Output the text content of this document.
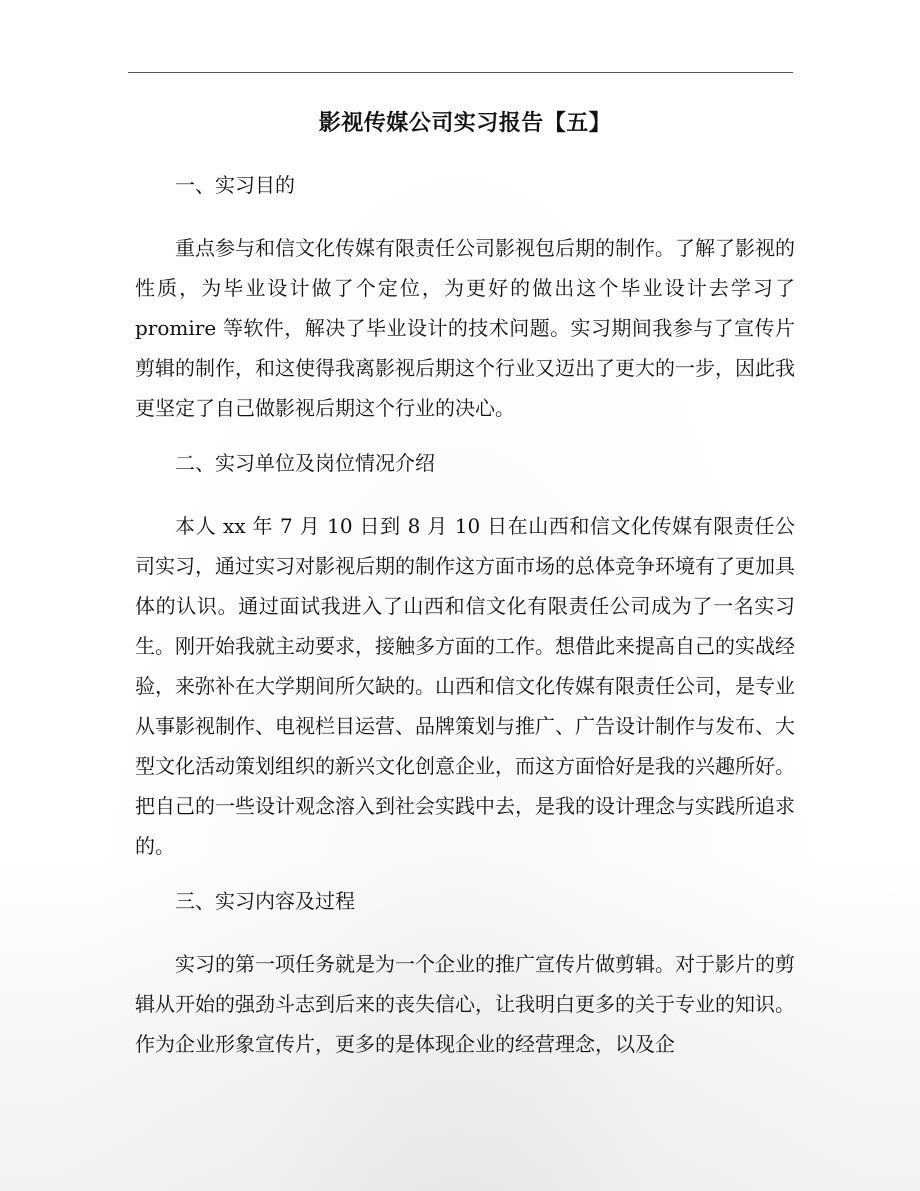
影视传媒公司实习报告【五】
一、实习目的
重点参与和信文化传媒有限责任公司影视包后期的制作。了解了影视的性质，为毕业设计做了个定位，为更好的做出这个毕业设计去学习了 promire 等软件，解决了毕业设计的技术问题。实习期间我参与了宣传片剪辑的制作，和这使得我离影视后期这个行业又迈出了更大的一步，因此我更坚定了自己做影视后期这个行业的决心。
二、实习单位及岗位情况介绍
本人 xx 年 7 月 10 日到 8 月 10 日在山西和信文化传媒有限责任公司实习，通过实习对影视后期的制作这方面市场的总体竞争环境有了更加具体的认识。通过面试我进入了山西和信文化有限责任公司成为了一名实习生。刚开始我就主动要求，接触多方面的工作。想借此来提高自己的实战经验，来弥补在大学期间所欠缺的。山西和信文化传媒有限责任公司，是专业从事影视制作、电视栏目运营、品牌策划与推广、广告设计制作与发布、大型文化活动策划组织的新兴文化创意企业，而这方面恰好是我的兴趣所好。把自己的一些设计观念溶入到社会实践中去，是我的设计理念与实践所追求的。
三、实习内容及过程
实习的第一项任务就是为一个企业的推广宣传片做剪辑。对于影片的剪辑从开始的强劲斗志到后来的丧失信心，让我明白更多的关于专业的知识。作为企业形象宣传片，更多的是体现企业的经营理念，以及企
